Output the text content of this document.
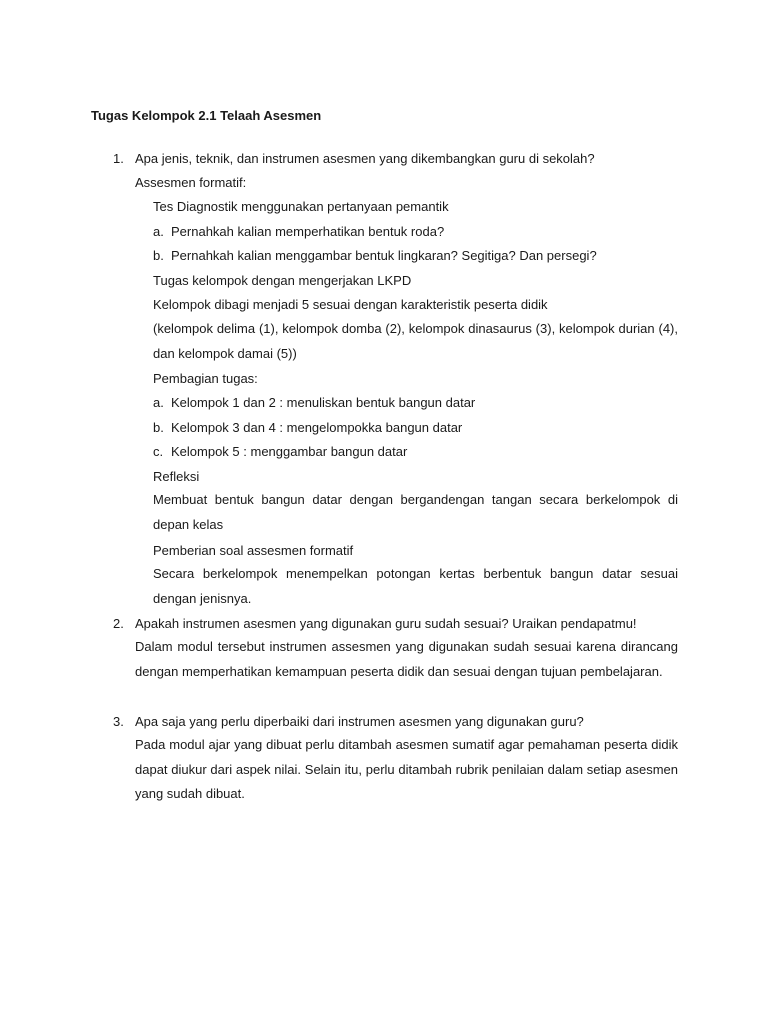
Tugas Kelompok 2.1 Telaah Asesmen
1. Apa jenis, teknik, dan instrumen asesmen yang dikembangkan guru di sekolah?
Assesmen formatif:
Tes Diagnostik menggunakan pertanyaan pemantik
a. Pernahkah kalian memperhatikan bentuk roda?
b. Pernahkah kalian menggambar bentuk lingkaran? Segitiga? Dan persegi?
Tugas kelompok dengan mengerjakan LKPD
Kelompok dibagi menjadi 5 sesuai dengan karakteristik peserta didik
(kelompok delima (1), kelompok domba (2), kelompok dinasaurus (3), kelompok durian (4), dan kelompok damai (5))
Pembagian tugas:
a. Kelompok 1 dan 2 : menuliskan bentuk bangun datar
b. Kelompok 3 dan 4 : mengelompokka bangun datar
c. Kelompok 5 : menggambar bangun datar
Refleksi
Membuat bentuk bangun datar dengan bergandengan tangan secara berkelompok di depan kelas
Pemberian soal assesmen formatif
Secara berkelompok menempelkan potongan kertas berbentuk bangun datar sesuai dengan jenisnya.
2. Apakah instrumen asesmen yang digunakan guru sudah sesuai? Uraikan pendapatmu!
Dalam modul tersebut instrumen assesmen yang digunakan sudah sesuai karena dirancang dengan memperhatikan kemampuan peserta didik dan sesuai dengan tujuan pembelajaran.
3. Apa saja yang perlu diperbaiki dari instrumen asesmen yang digunakan guru?
Pada modul ajar yang dibuat perlu ditambah asesmen sumatif agar pemahaman peserta didik dapat diukur dari aspek nilai. Selain itu, perlu ditambah rubrik penilaian dalam setiap asesmen yang sudah dibuat.
